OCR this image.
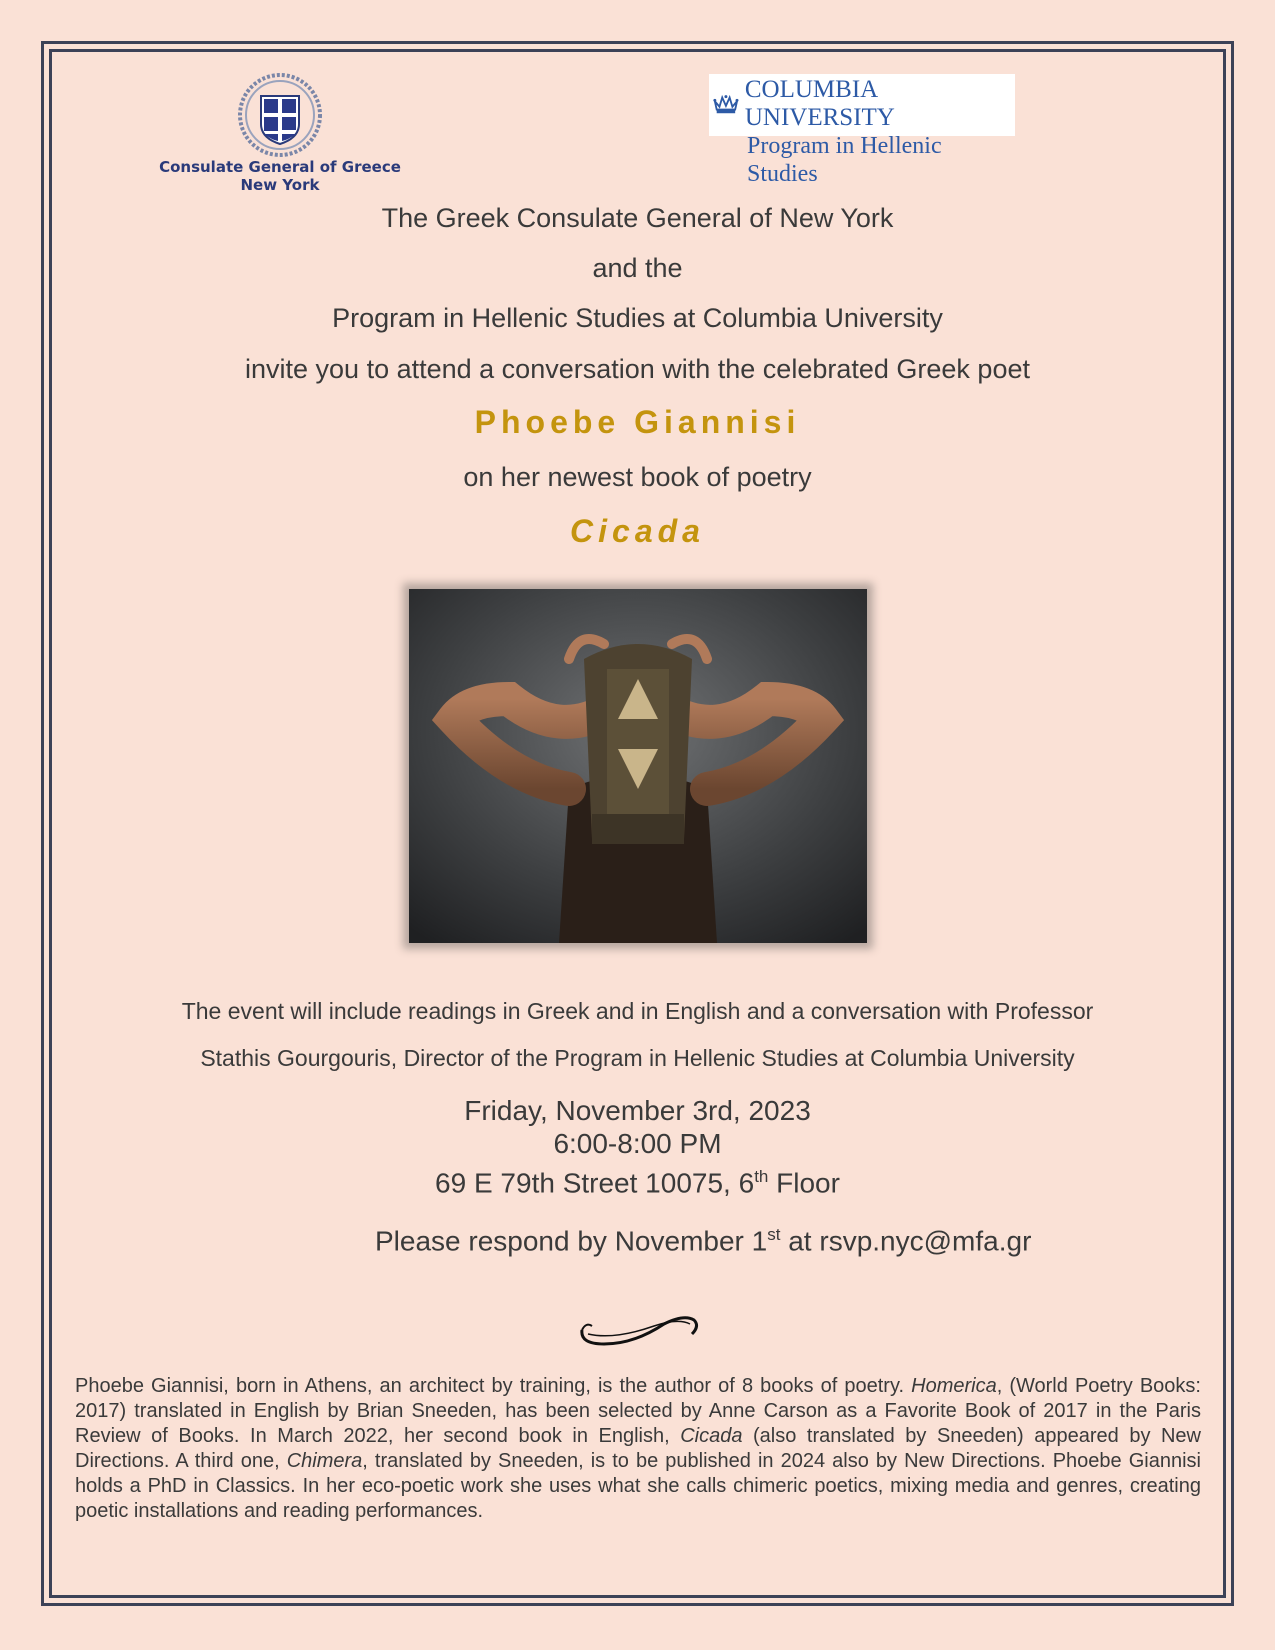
Consulate General of Greece
New York
COLUMBIA UNIVERSITY
Program in Hellenic Studies
The Greek Consulate General of New York
and the
Program in Hellenic Studies at Columbia University
invite you to attend a conversation with the celebrated Greek poet
Phoebe Giannisi
on her newest book of poetry
Cicada
The event will include readings in Greek and in English and a conversation with Professor
Stathis Gourgouris, Director of the Program in Hellenic Studies at Columbia University
Friday, November 3rd, 2023
6:00-8:00 PM
69 E 79th Street 10075, 6th Floor
Please respond by November 1st at rsvp.nyc@mfa.gr
Phoebe Giannisi, born in Athens, an architect by training, is the author of 8 books of poetry. Homerica, (World Poetry Books: 2017) translated in English by Brian Sneeden, has been selected by Anne Carson as a Favorite Book of 2017 in the Paris Review of Books. In March 2022, her second book in English, Cicada (also translated by Sneeden) appeared by New Directions. A third one, Chimera, translated by Sneeden, is to be published in 2024 also by New Directions. Phoebe Giannisi holds a PhD in Classics. In her eco-poetic work she uses what she calls chimeric poetics, mixing media and genres, creating poetic installations and reading performances.
